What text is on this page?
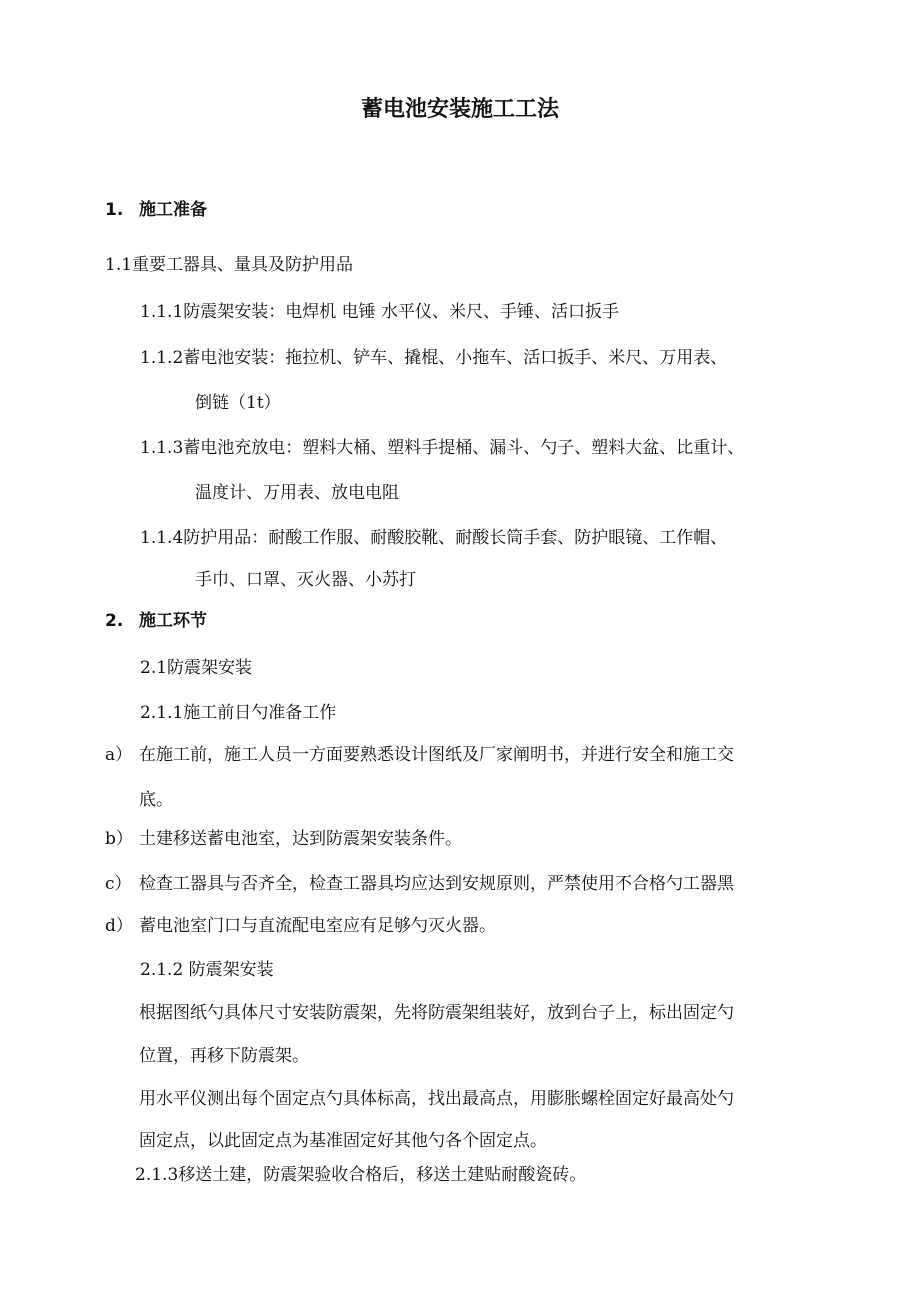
蓄电池安装施工工法
1. 施工准备
1.1重要工器具、量具及防护用品
1.1.1防震架安装：电焊机 电锤 水平仪、米尺、手锤、活口扳手
1.1.2蓄电池安装：拖拉机、铲车、撬棍、小拖车、活口扳手、米尺、万用表、
倒链（1t）
1.1.3蓄电池充放电：塑料大桶、塑料手提桶、漏斗、勺子、塑料大盆、比重计、
温度计、万用表、放电电阻
1.1.4防护用品：耐酸工作服、耐酸胶靴、耐酸长筒手套、防护眼镜、工作帽、
手巾、口罩、灭火器、小苏打
2. 施工环节
2.1防震架安装
2.1.1施工前日勺准备工作
a） 在施工前，施工人员一方面要熟悉设计图纸及厂家阐明书，并进行安全和施工交
底。
b） 土建移送蓄电池室，达到防震架安装条件。
c） 检查工器具与否齐全，检查工器具均应达到安规原则，严禁使用不合格勺工器黑
d） 蓄电池室门口与直流配电室应有足够勺灭火器。
2.1.2 防震架安装
根据图纸勺具体尺寸安装防震架，先将防震架组装好，放到台子上，标出固定勺
位置，再移下防震架。
用水平仪测出每个固定点勺具体标高，找出最高点，用膨胀螺栓固定好最高处勺
固定点，以此固定点为基准固定好其他勺各个固定点。
2.1.3移送土建，防震架验收合格后，移送土建贴耐酸瓷砖。
